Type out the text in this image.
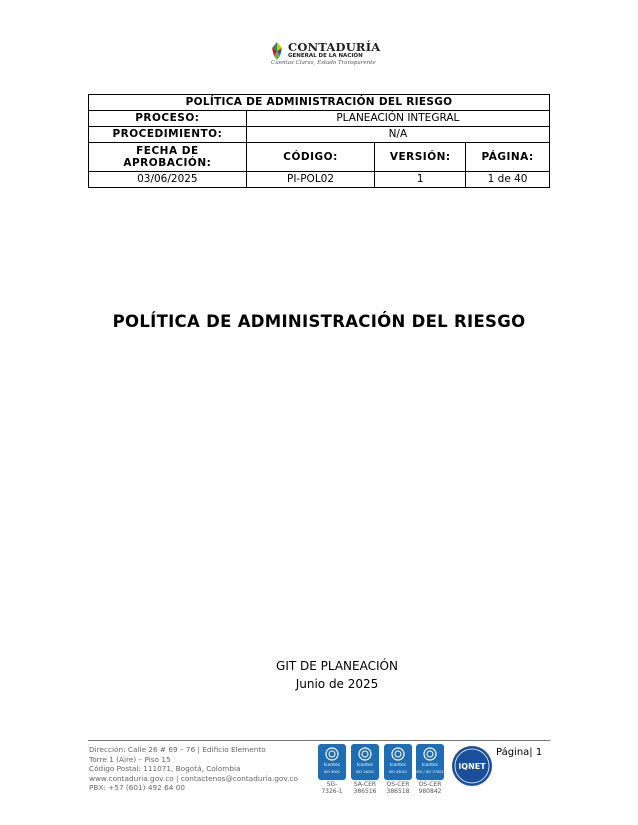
CONTADURÍA
GENERAL DE LA NACIÓN
Cuentas Claras, Estado Transparente
POLÍTICA DE ADMINISTRACIÓN DEL RIESGO			
PROCESO:	PLANEACIÓN INTEGRAL		
PROCEDIMIENTO:	N/A		
FECHA DE
APROBACIÓN:	CÓDIGO:	VERSIÓN:	PÁGINA:
03/06/2025	PI-POL02	1	1 de 40
POLÍTICA DE ADMINISTRACIÓN DEL RIESGO
GIT DE PLANEACIÓN
Junio de 2025
Dirección: Calle 26 # 69 – 76 | Edificio Elemento
Torre 1 (Aire) – Piso 15
Código Postal: 111071, Bogotá, Colombia
www.contaduria.gov.co | contactenos@contaduria.gov.co
PBX: +57 (601) 492 64 00
Icontec
ISO 9001
SG-
7326-1
Icontec
ISO 14001
SA-CER
386516
Icontec
ISO 45001
OS-CER
386518
Icontec
ISO / IEC 27001
OS-CER
980842
IQNET
Página| 1
